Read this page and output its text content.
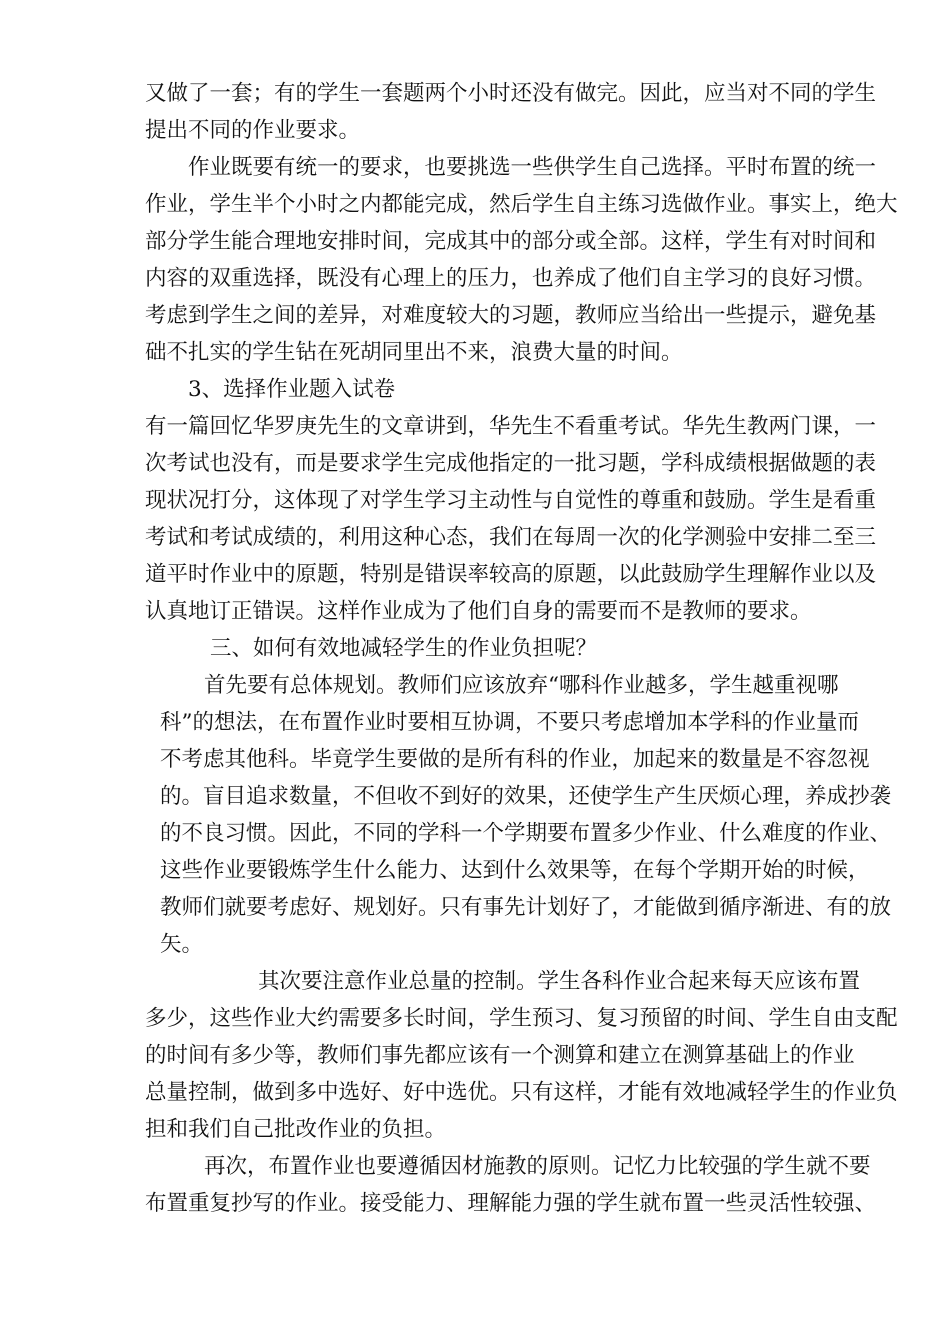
又做了一套；有的学生一套题两个小时还没有做完。因此，应当对不同的学生
提出不同的作业要求。
作业既要有统一的要求，也要挑选一些供学生自己选择。平时布置的统一
作业，学生半个小时之内都能完成，然后学生自主练习选做作业。事实上，绝大
部分学生能合理地安排时间，完成其中的部分或全部。这样，学生有对时间和
内容的双重选择，既没有心理上的压力，也养成了他们自主学习的良好习惯。
考虑到学生之间的差异，对难度较大的习题，教师应当给出一些提示，避免基
础不扎实的学生钻在死胡同里出不来，浪费大量的时间。
3、选择作业题入试卷
有一篇回忆华罗庚先生的文章讲到，华先生不看重考试。华先生教两门课，一
次考试也没有，而是要求学生完成他指定的一批习题，学科成绩根据做题的表
现状况打分，这体现了对学生学习主动性与自觉性的尊重和鼓励。学生是看重
考试和考试成绩的，利用这种心态，我们在每周一次的化学测验中安排二至三
道平时作业中的原题，特别是错误率较高的原题，以此鼓励学生理解作业以及
认真地订正错误。这样作业成为了他们自身的需要而不是教师的要求。
三、如何有效地减轻学生的作业负担呢？
首先要有总体规划。教师们应该放弃“哪科作业越多，学生越重视哪
科”的想法，在布置作业时要相互协调，不要只考虑增加本学科的作业量而
不考虑其他科。毕竟学生要做的是所有科的作业，加起来的数量是不容忽视
的。盲目追求数量，不但收不到好的效果，还使学生产生厌烦心理，养成抄袭
的不良习惯。因此，不同的学科一个学期要布置多少作业、什么难度的作业、
这些作业要锻炼学生什么能力、达到什么效果等，在每个学期开始的时候，
教师们就要考虑好、规划好。只有事先计划好了，才能做到循序渐进、有的放
矢。
其次要注意作业总量的控制。学生各科作业合起来每天应该布置
多少，这些作业大约需要多长时间，学生预习、复习预留的时间、学生自由支配
的时间有多少等，教师们事先都应该有一个测算和建立在测算基础上的作业
总量控制，做到多中选好、好中选优。只有这样，才能有效地减轻学生的作业负
担和我们自己批改作业的负担。
再次，布置作业也要遵循因材施教的原则。记忆力比较强的学生就不要
布置重复抄写的作业。接受能力、理解能力强的学生就布置一些灵活性较强、
